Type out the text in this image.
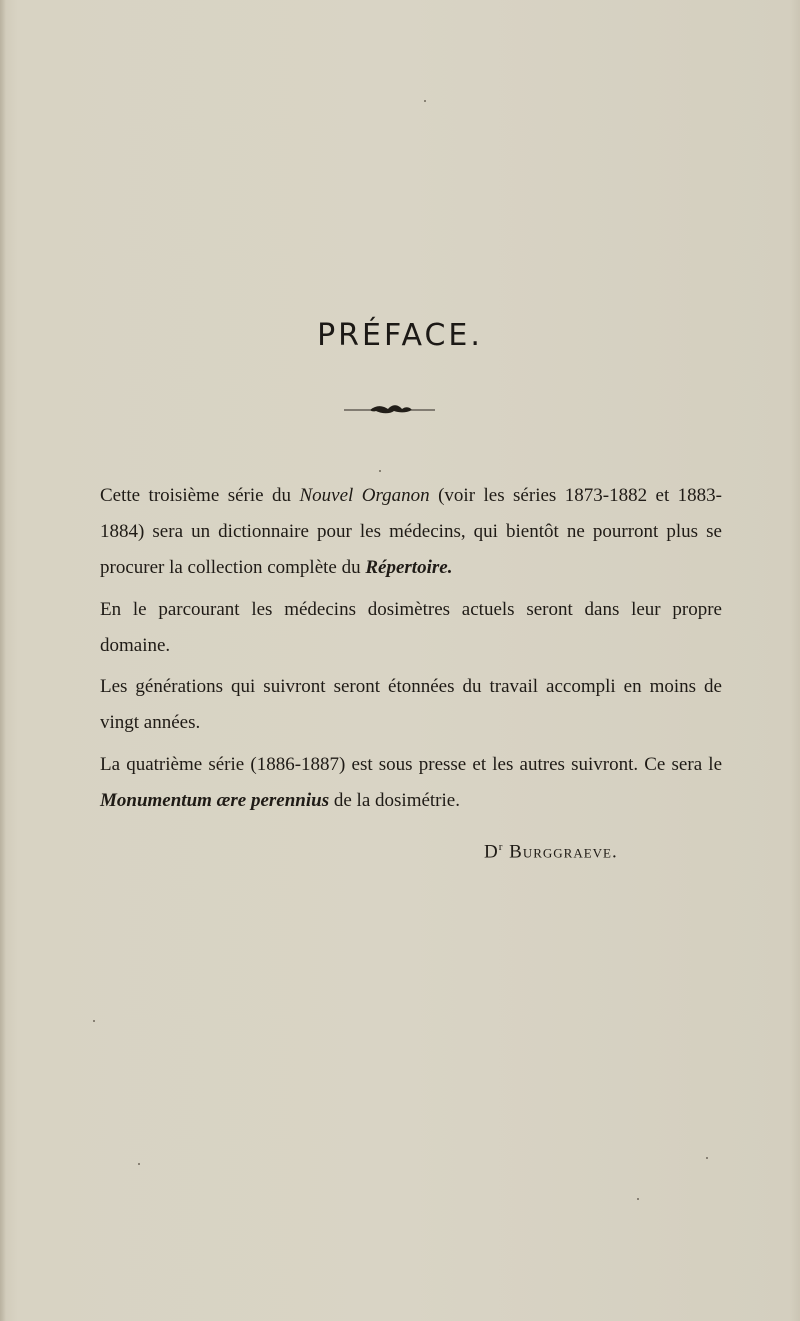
PRÉFACE.

Cette troisième série du Nouvel Organon (voir les séries 1873-1882 et 1883-1884) sera un dictionnaire pour les médecins, qui bientôt ne pourront plus se procurer la collection complète du Répertoire.

En le parcourant les médecins dosimètres actuels seront dans leur propre domaine.

Les générations qui suivront seront étonnées du travail accompli en moins de vingt années.

La quatrième série (1886-1887) est sous presse et les autres suivront. Ce sera le Monumentum ære perennius de la dosimétrie.

$D^r$ Burggraeve.
